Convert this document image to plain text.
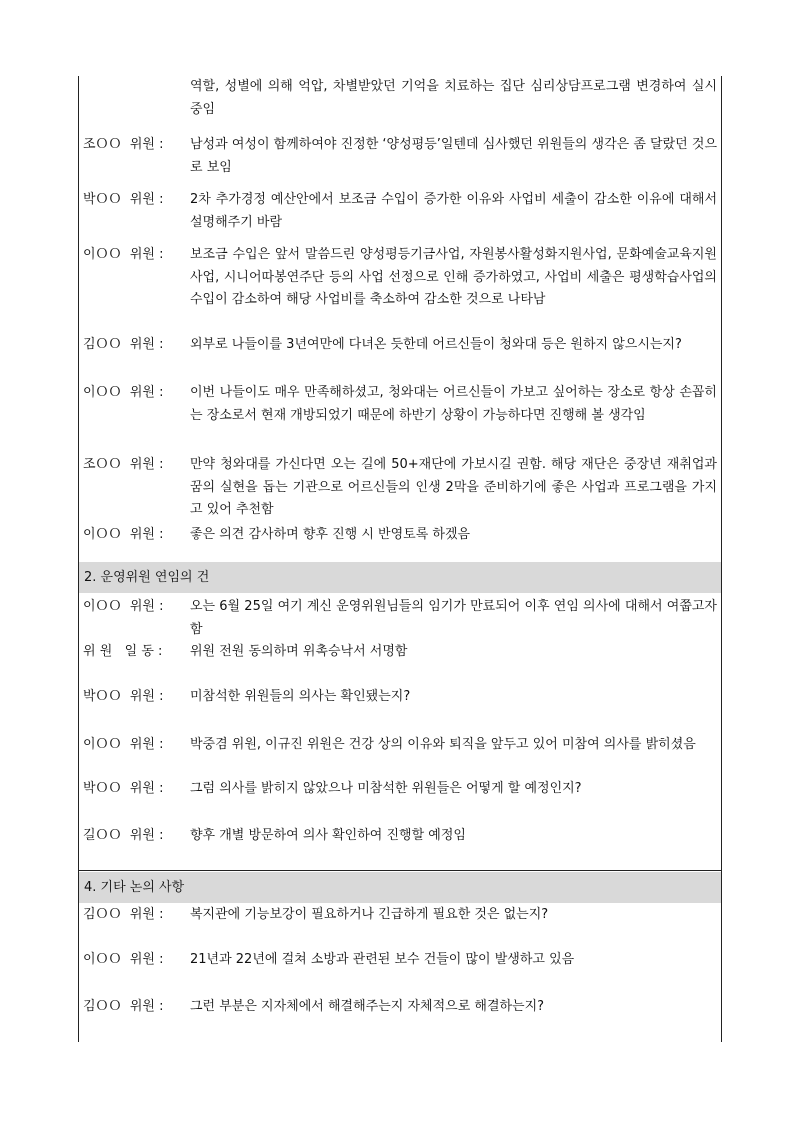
역할, 성별에 의해 억압, 차별받았던 기억을 치료하는 집단 심리상담프로그램 변경하여 실시 중임
조ＯＯ  위원 :	남성과 여성이 함께하여야 진정한 ‘양성평등’일텐데 심사했던 위원들의 생각은 좀 달랐던 것으로 보임
박ＯＯ  위원 :	2차 추가경정 예산안에서 보조금 수입이 증가한 이유와 사업비 세출이 감소한 이유에 대해서 설명해주기 바람
이ＯＯ  위원 :	보조금 수입은 앞서 말씀드린 양성평등기금사업, 자원봉사활성화지원사업, 문화예술교육지원사업, 시니어따봉연주단 등의 사업 선정으로 인해 증가하였고, 사업비 세출은 평생학습사업의 수입이 감소하여 해당 사업비를 축소하여 감소한 것으로 나타남
김ＯＯ  위원 :	외부로 나들이를 3년여만에 다녀온 듯한데 어르신들이 청와대 등은 원하지 않으시는지?
이ＯＯ  위원 :	이번 나들이도 매우 만족해하셨고, 청와대는 어르신들이 가보고 싶어하는 장소로 항상 손꼽히는 장소로서 현재 개방되었기 때문에 하반기 상황이 가능하다면 진행해 볼 생각임
조ＯＯ  위원 :	만약 청와대를 가신다면 오는 길에 50+재단에 가보시길 권함. 해당 재단은 중장년 재취업과 꿈의 실현을 돕는 기관으로 어르신들의 인생 2막을 준비하기에 좋은 사업과 프로그램을 가지고 있어 추천함
이ＯＯ  위원 :	좋은 의견 감사하며 향후 진행 시 반영토록 하겠음
2. 운영위원 연임의 건
이ＯＯ  위원 :	오는 6월 25일 여기 계신 운영위원님들의 임기가 만료되어 이후 연임 의사에 대해서 여쭙고자 함
위 원   일 동 :	위원 전원 동의하며 위촉승낙서 서명함
박ＯＯ  위원 :	미참석한 위원들의 의사는 확인됐는지?
이ＯＯ  위원 :	박중겸 위원, 이규진 위원은 건강 상의 이유와 퇴직을 앞두고 있어 미참여 의사를 밝히셨음
박ＯＯ  위원 :	그럼 의사를 밝히지 않았으나 미참석한 위원들은 어떻게 할 예정인지?
길ＯＯ  위원 :	향후 개별 방문하여 의사 확인하여 진행할 예정임
4. 기타 논의 사항
김ＯＯ  위원 :	복지관에 기능보강이 필요하거나 긴급하게 필요한 것은 없는지?
이ＯＯ  위원 :	21년과 22년에 걸쳐 소방과 관련된 보수 건들이 많이 발생하고 있음
김ＯＯ  위원 :	그런 부분은 지자체에서 해결해주는지 자체적으로 해결하는지?
